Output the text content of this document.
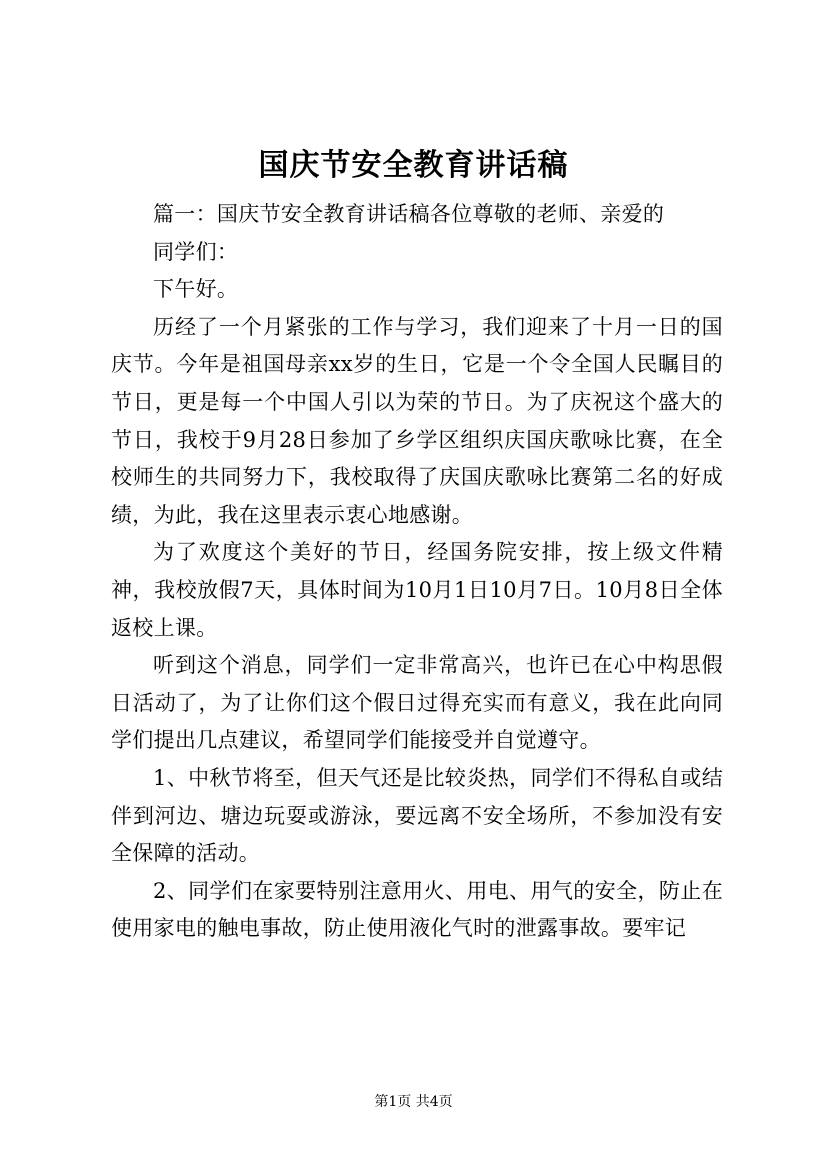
国庆节安全教育讲话稿

篇一：国庆节安全教育讲话稿各位尊敬的老师、亲爱的

同学们：

下午好。

历经了一个月紧张的工作与学习，我们迎来了十月一日的国庆节。今年是祖国母亲xx岁的生日，它是一个令全国人民瞩目的节日，更是每一个中国人引以为荣的节日。为了庆祝这个盛大的节日，我校于9月28日参加了乡学区组织庆国庆歌咏比赛，在全校师生的共同努力下，我校取得了庆国庆歌咏比赛第二名的好成绩，为此，我在这里表示衷心地感谢。

为了欢度这个美好的节日，经国务院安排，按上级文件精神，我校放假7天，具体时间为10月1日10月7日。10月8日全体返校上课。

听到这个消息，同学们一定非常高兴，也许已在心中构思假日活动了，为了让你们这个假日过得充实而有意义，我在此向同学们提出几点建议，希望同学们能接受并自觉遵守。

1、中秋节将至，但天气还是比较炎热，同学们不得私自或结伴到河边、塘边玩耍或游泳，要远离不安全场所，不参加没有安全保障的活动。

2、同学们在家要特别注意用火、用电、用气的安全，防止在使用家电的触电事故，防止使用液化气时的泄露事故。要牢记

第1页 共4页
